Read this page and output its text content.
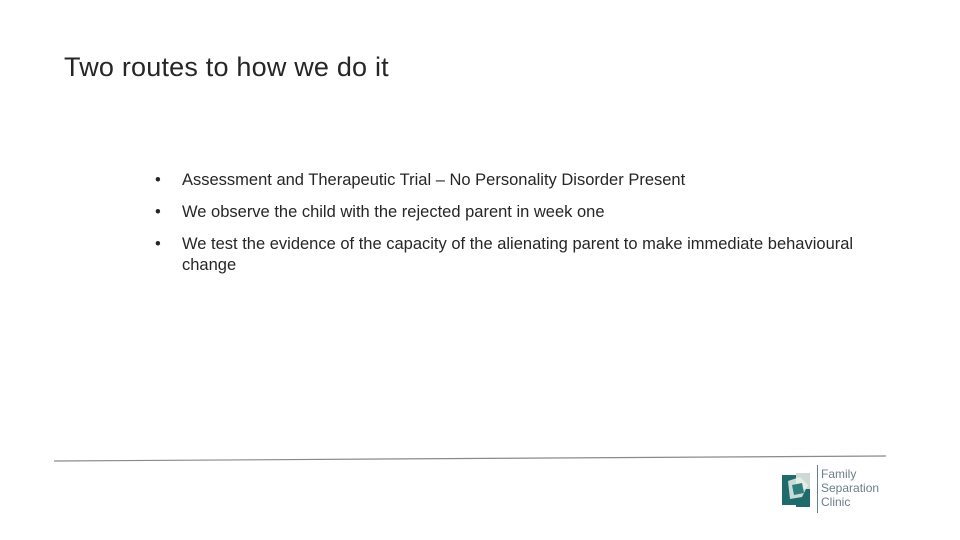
Two routes to how we do it
•	Assessment and Therapeutic Trial – No Personality Disorder Present
•	We observe the child with the rejected parent in week one
•	We test the evidence of the capacity of the alienating parent to make immediate behavioural change
Family
Separation
Clinic
